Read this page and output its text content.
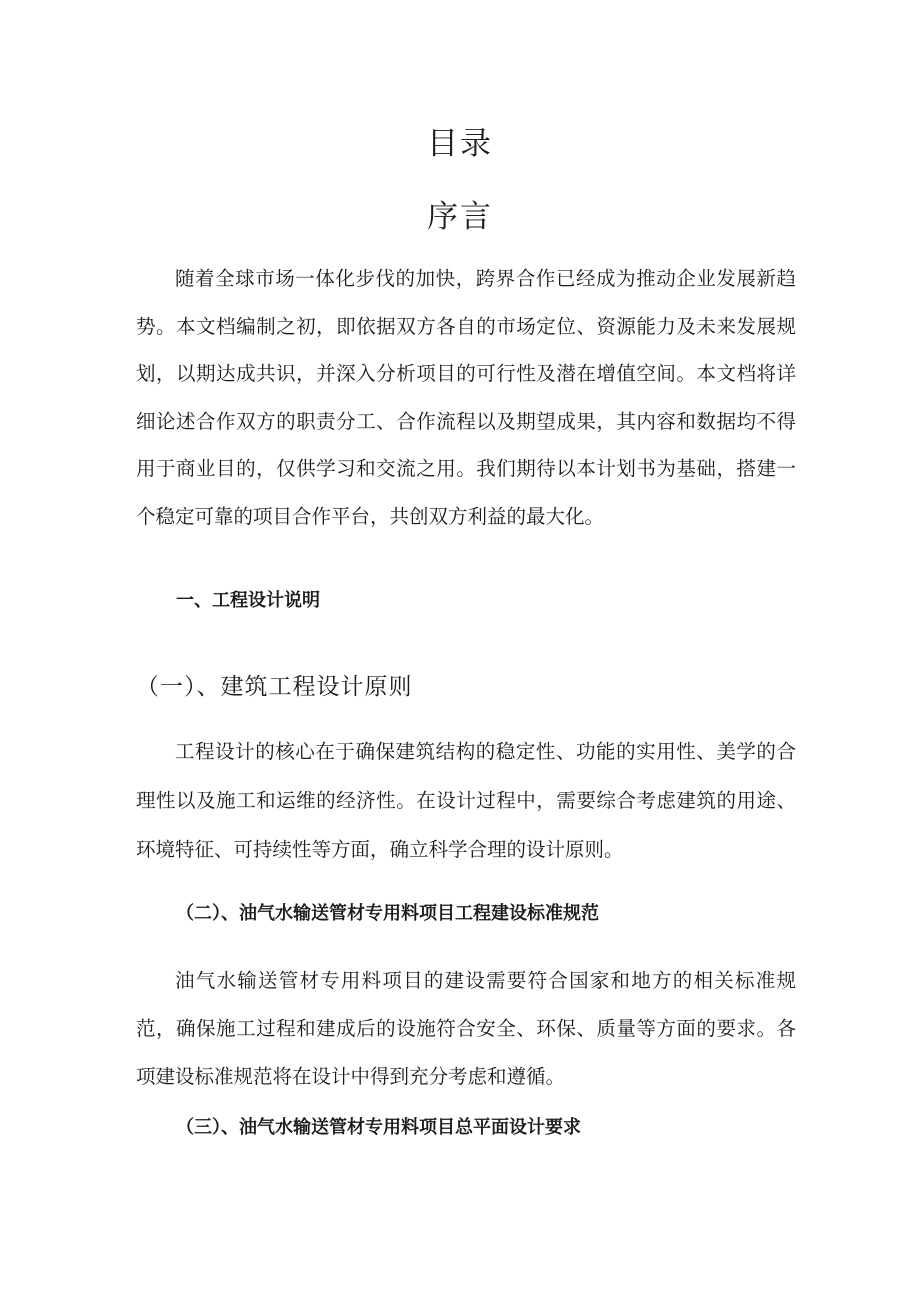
目录
序言

随着全球市场一体化步伐的加快，跨界合作已经成为推动企业发展新趋势。本文档编制之初，即依据双方各自的市场定位、资源能力及未来发展规划，以期达成共识，并深入分析项目的可行性及潜在增值空间。本文档将详细论述合作双方的职责分工、合作流程以及期望成果，其内容和数据均不得用于商业目的，仅供学习和交流之用。我们期待以本计划书为基础，搭建一个稳定可靠的项目合作平台，共创双方利益的最大化。

一、工程设计说明
（一）、建筑工程设计原则

工程设计的核心在于确保建筑结构的稳定性、功能的实用性、美学的合理性以及施工和运维的经济性。在设计过程中，需要综合考虑建筑的用途、环境特征、可持续性等方面，确立科学合理的设计原则。

（二）、油气水输送管材专用料项目工程建设标准规范

油气水输送管材专用料项目的建设需要符合国家和地方的相关标准规范，确保施工过程和建成后的设施符合安全、环保、质量等方面的要求。各项建设标准规范将在设计中得到充分考虑和遵循。

（三）、油气水输送管材专用料项目总平面设计要求
